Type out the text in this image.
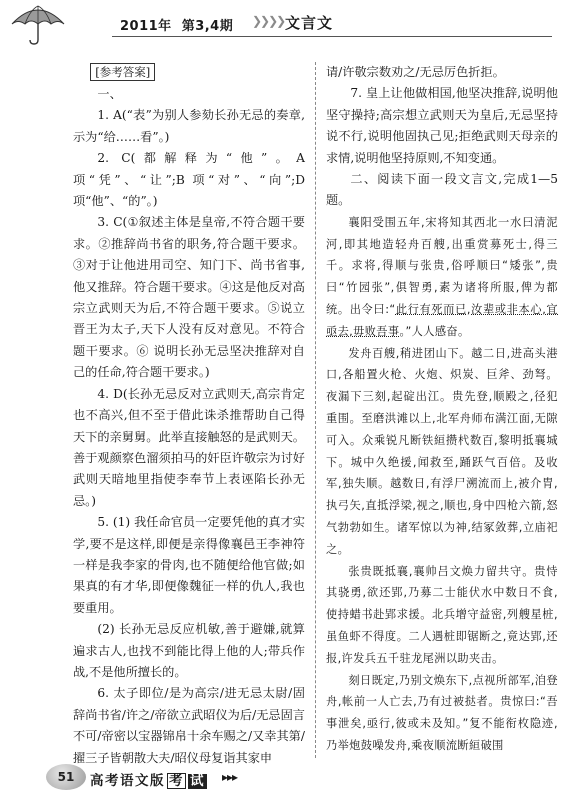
2011年 第3,4期 ❯❯❯❯ 文言文
[参考答案]

一、

1. A(“表”为别人参劾长孙无忌的奏章,示为“给……看”。)

2. C(都解释为“他”。A 项“凭”、“让”;B 项“对”、“向”;D 项“他”、“的”。)

3. C(①叙述主体是皇帝,不符合题干要求。②推辞尚书省的职务,符合题干要求。③对于让他进用司空、知门下、尚书省事,他又推辞。符合题干要求。④这是他反对高宗立武则天为后,不符合题干要求。⑤说立晋王为太子,天下人没有反对意见。不符合题干要求。⑥ 说明长孙无忌坚决推辞对自己的任命,符合题干要求。)

4. D(长孙无忌反对立武则天,高宗肯定也不高兴,但不至于借此诛杀推帮助自己得天下的亲舅舅。此举直接触怒的是武则天。善于观颜察色溜须拍马的奸臣许敬宗为讨好武则天暗地里指使李奉节上表诬陷长孙无忌。)

5. (1) 我任命官员一定要凭他的真才实学,要不是这样,即便是亲得像襄邑王李神符一样是我李家的骨肉,也不随便给他官做;如果真的有才华,即便像魏征一样的仇人,我也要重用。

(2) 长孙无忌反应机敏,善于避嫌,就算遍求古人,也找不到能比得上他的人;带兵作战,不是他所擅长的。

6. 太子即位/是为高宗/进无忌太尉/固辞尚书省/许之/帝欲立武昭仪为后/无忌固言不可/帝密以宝器锦帛十余车赐之/又幸其第/擢三子皆朝散大夫/昭仪母复诣其家申

请/许敬宗数劝之/无忌厉色折拒。

7. 皇上让他做相国,他坚决推辞,说明他坚守操持;高宗想立武则天为皇后,无忌坚持说不行,说明他固执己见;拒绝武则天母亲的求情,说明他坚持原则,不知变通。

二、阅读下面一段文言文,完成1—5题。

襄阳受围五年,宋将知其西北一水曰清泥河,即其地造轻舟百艘,出重赏募死士,得三千。求将,得顺与张贵,俗呼顺曰“矮张”,贵曰“竹园张”,俱智勇,素为诸将所服,俾为都统。出令曰:“此行有死而已,汝辈或非本心,宜亟去,毋败吾事。”人人感奋。

发舟百艘,稍进团山下。越二日,进高头港口,各船置火枪、火炮、炽炭、巨斧、劲弩。夜漏下三刻,起碇出江。贵先登,顺殿之,径犯重围。至磨洪滩以上,北军舟师布满江面,无隙可入。众乘锐凡断铁絙攒杙数百,黎明抵襄城下。城中久绝援,闻救至,踊跃气百倍。及收军,独失顺。越数日,有浮尸溯流而上,被介胄,执弓矢,直抵浮梁,视之,顺也,身中四枪六箭,怒气勃勃如生。诸军惊以为神,结冢敛葬,立庙祀之。

张贵既抵襄,襄帅吕文焕力留共守。贵恃其骁勇,欲还郢,乃募二士能伏水中数日不食,使持蜡书赴郢求援。北兵增守益密,列艘星桩,虽鱼虾不得度。二人遇桩即锯断之,竟达郢,还报,许发兵五千驻龙尾洲以助夹击。

刻日既定,乃别文焕东下,点视所部军,洎登舟,帐前一人亡去,乃有过被挞者。贵惊曰:“吾事泄矣,亟行,彼或未及知。”复不能衔枚隐迹,乃举炮鼓噪发舟,乘夜顺流断絙破围

51 高考语文版 考 试 ▸▸▸
